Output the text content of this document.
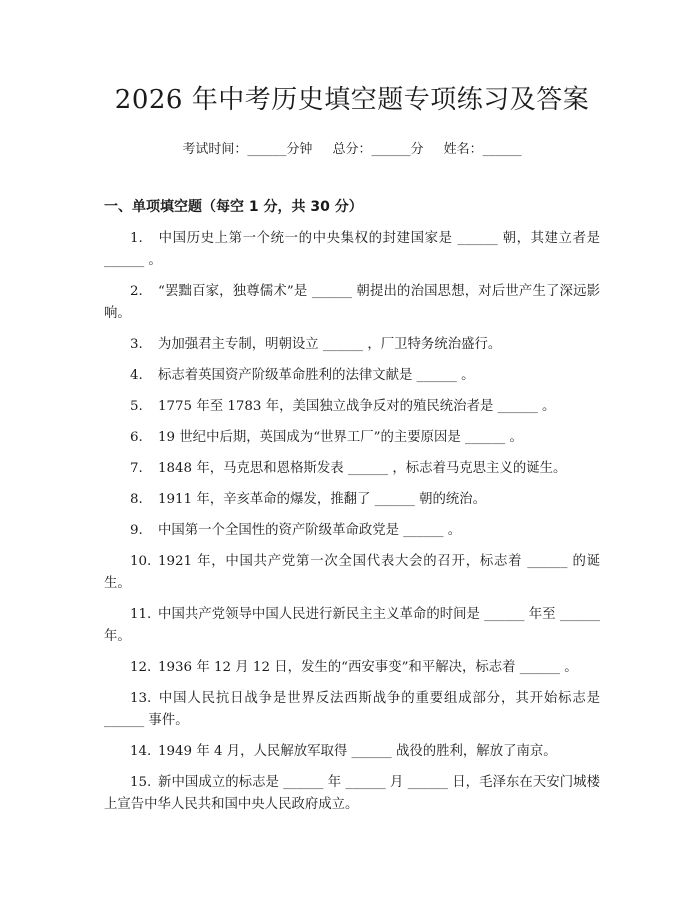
2026 年中考历史填空题专项练习及答案
考试时间：______分钟 总分：______分 姓名：______
一、单项填空题（每空 1 分，共 30 分）

1. 中国历史上第一个统一的中央集权的封建国家是 ______ 朝，其建立者是 ______ 。

2. “罢黜百家，独尊儒术”是 ______ 朝提出的治国思想，对后世产生了深远影响。

3. 为加强君主专制，明朝设立 ______ ，厂卫特务统治盛行。

4. 标志着英国资产阶级革命胜利的法律文献是 ______ 。

5. 1775 年至 1783 年，美国独立战争反对的殖民统治者是 ______ 。

6. 19 世纪中后期，英国成为“世界工厂”的主要原因是 ______ 。

7. 1848 年，马克思和恩格斯发表 ______ ，标志着马克思主义的诞生。

8. 1911 年，辛亥革命的爆发，推翻了 ______ 朝的统治。

9. 中国第一个全国性的资产阶级革命政党是 ______ 。

10. 1921 年，中国共产党第一次全国代表大会的召开，标志着 ______ 的诞生。

11. 中国共产党领导中国人民进行新民主主义革命的时间是 ______ 年至 ______ 年。

12. 1936 年 12 月 12 日，发生的“西安事变”和平解决，标志着 ______ 。

13. 中国人民抗日战争是世界反法西斯战争的重要组成部分，其开始标志是 ______ 事件。

14. 1949 年 4 月，人民解放军取得 ______ 战役的胜利，解放了南京。

15. 新中国成立的标志是 ______ 年 ______ 月 ______ 日，毛泽东在天安门城楼上宣告中华人民共和国中央人民政府成立。
